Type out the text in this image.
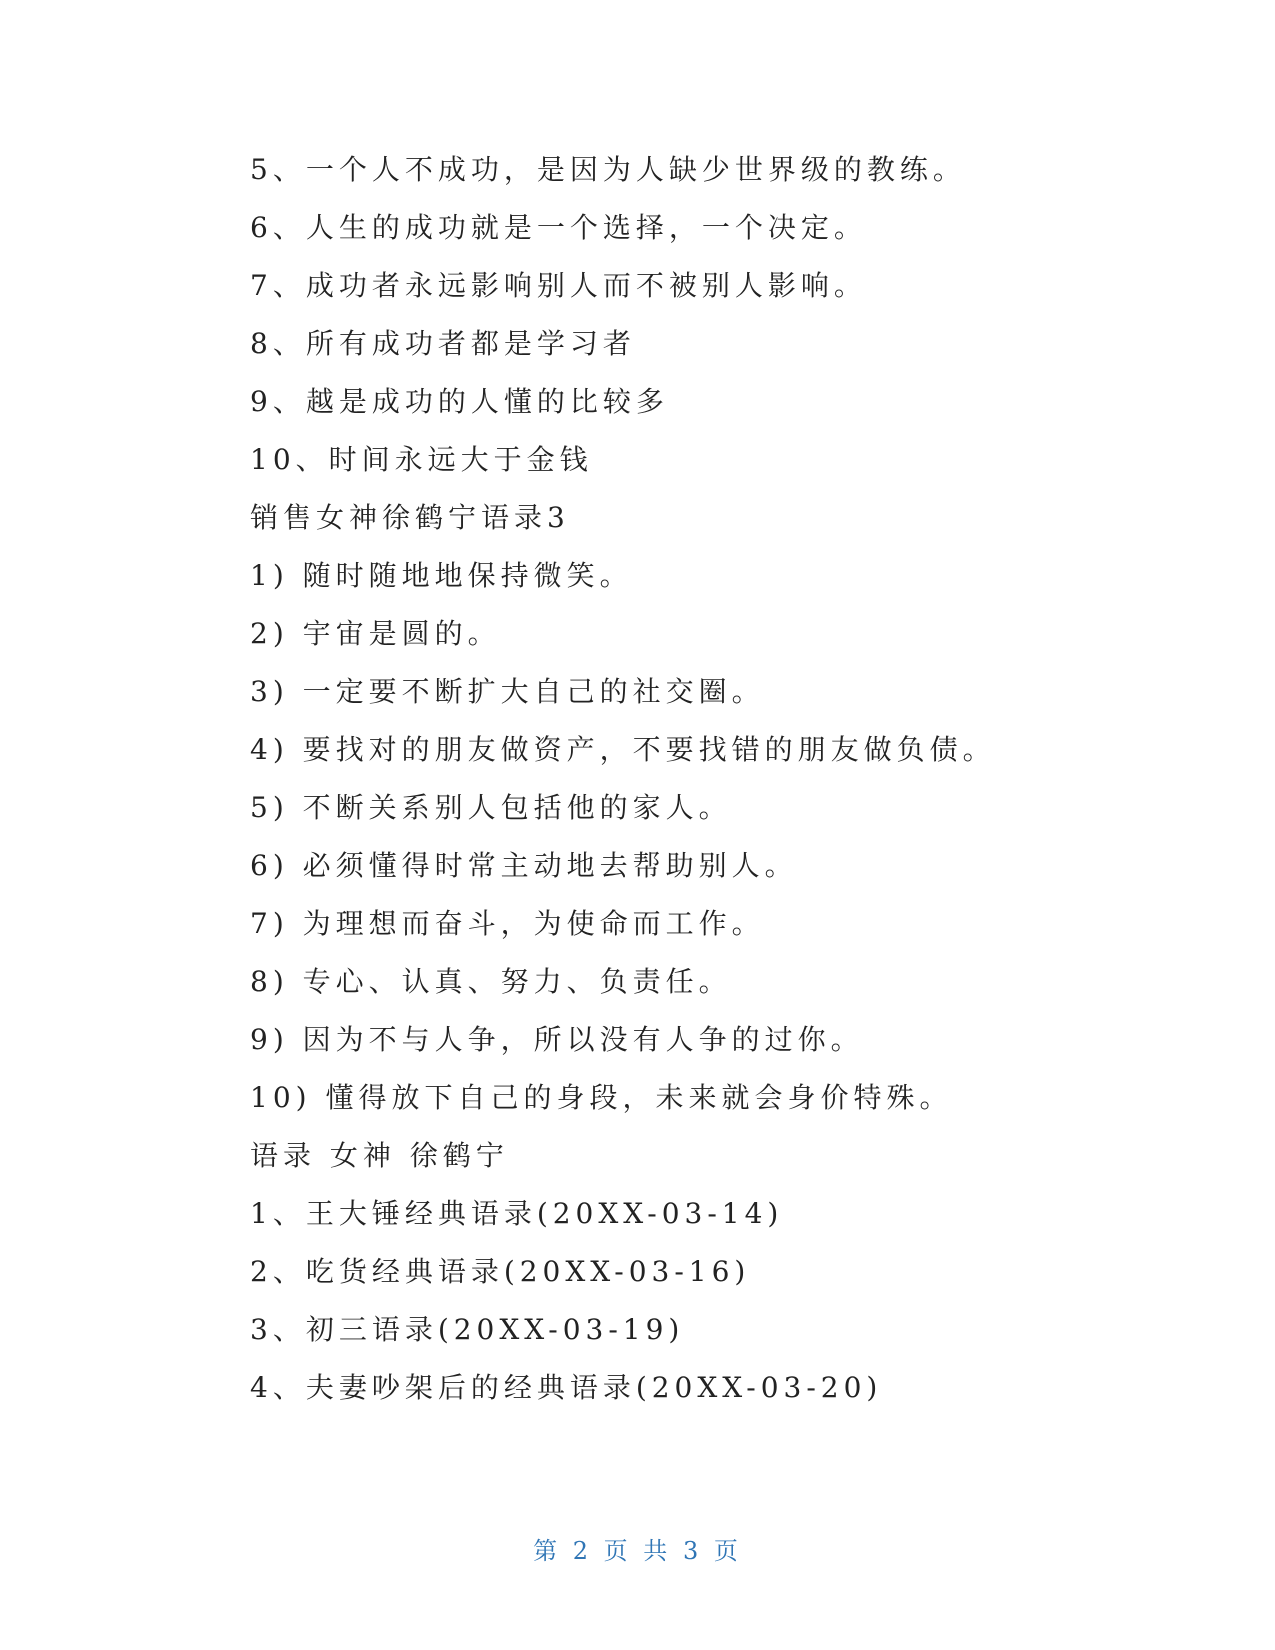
5、一个人不成功，是因为人缺少世界级的教练。
6、人生的成功就是一个选择，一个决定。
7、成功者永远影响别人而不被别人影响。
8、所有成功者都是学习者
9、越是成功的人懂的比较多
10、时间永远大于金钱
销售女神徐鹤宁语录3
1) 随时随地地保持微笑。
2) 宇宙是圆的。
3) 一定要不断扩大自己的社交圈。
4) 要找对的朋友做资产，不要找错的朋友做负债。
5) 不断关系别人包括他的家人。
6) 必须懂得时常主动地去帮助别人。
7) 为理想而奋斗，为使命而工作。
8) 专心、认真、努力、负责任。
9) 因为不与人争，所以没有人争的过你。
10) 懂得放下自己的身段，未来就会身价特殊。
语录 女神 徐鹤宁
1、王大锤经典语录(20XX-03-14)
2、吃货经典语录(20XX-03-16)
3、初三语录(20XX-03-19)
4、夫妻吵架后的经典语录(20XX-03-20)
第 2 页 共 3 页
